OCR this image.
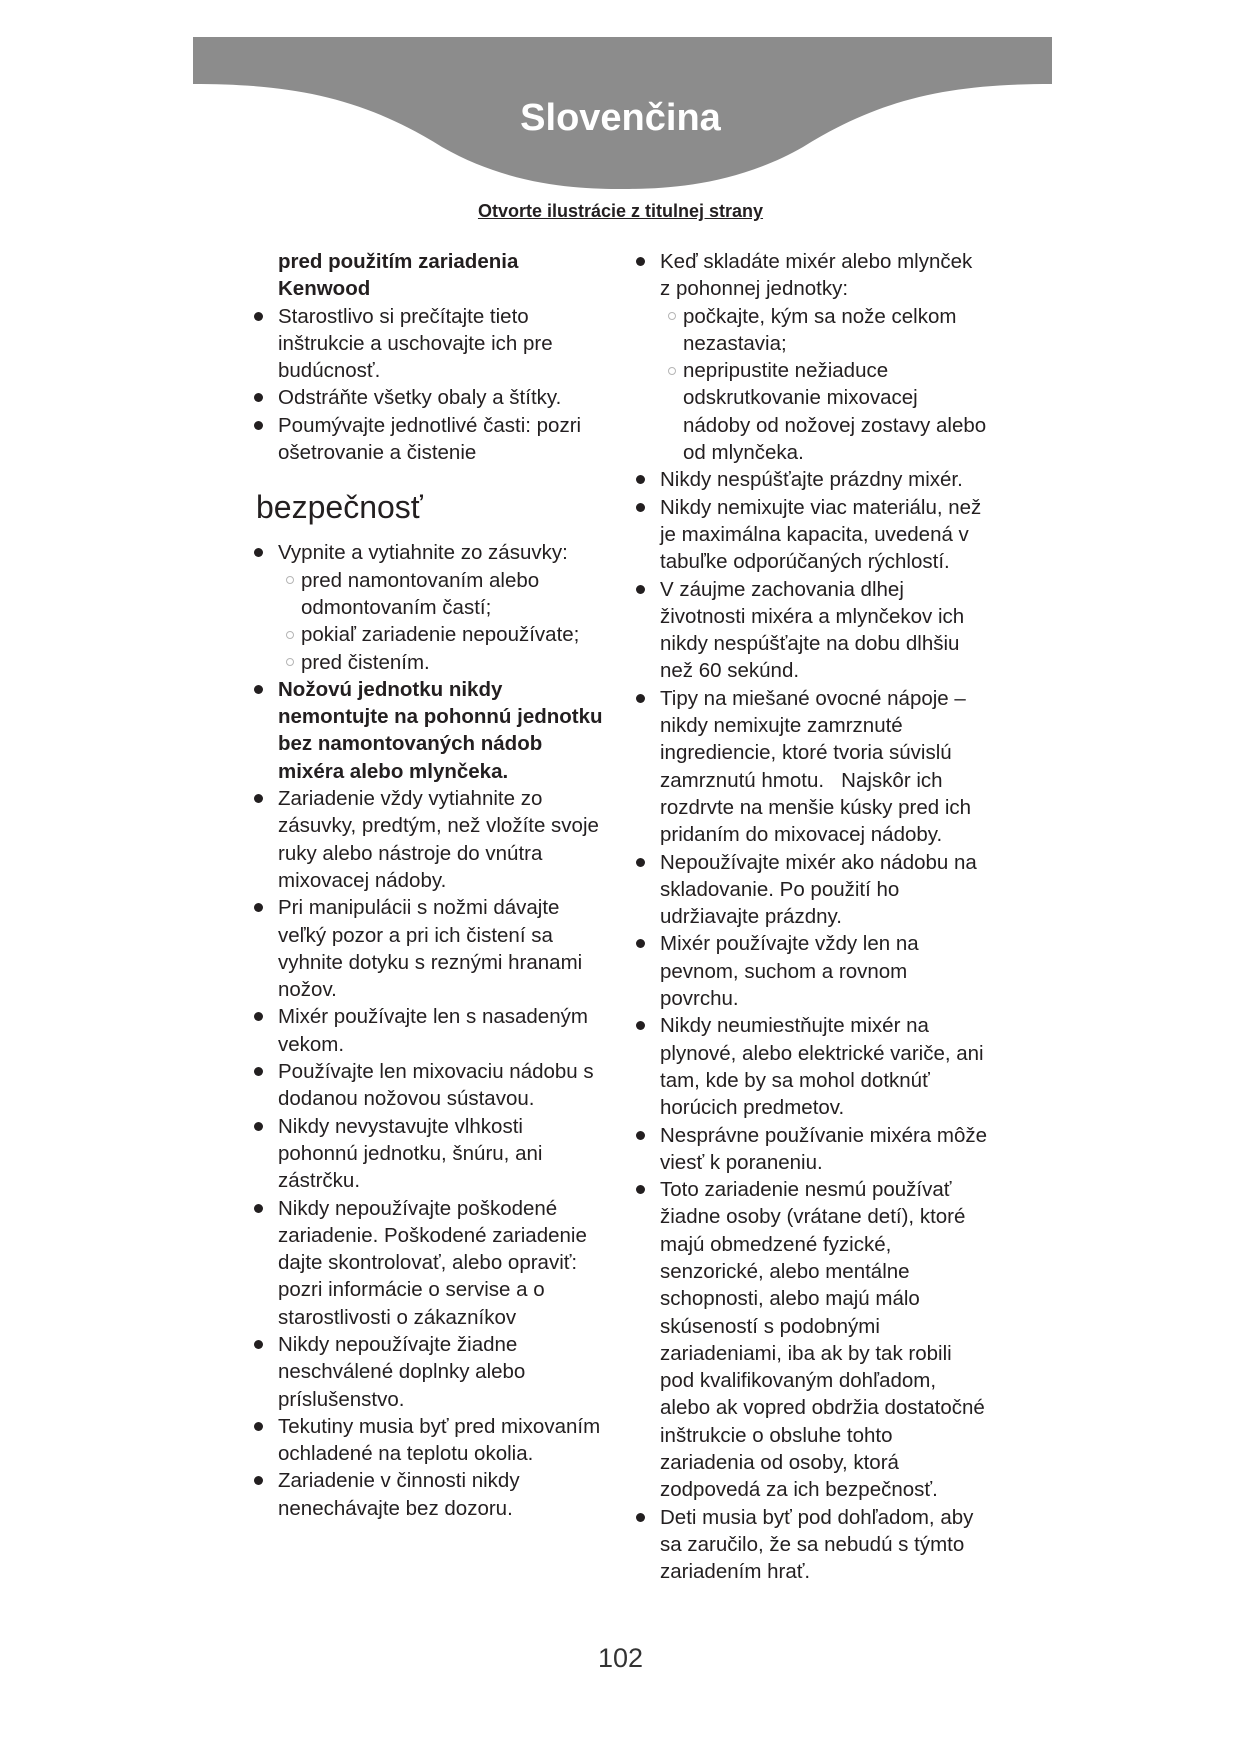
Slovenčina
Otvorte ilustrácie z titulnej strany
pred použitím zariadenia
Kenwood
Starostlivo si prečítajte tieto
inštrukcie a uschovajte ich pre
budúcnosť.
Odstráňte všetky obaly a štítky.
Poumývajte jednotlivé časti: pozri
ošetrovanie a čistenie
bezpečnosť
Vypnite a vytiahnite zo zásuvky:
pred namontovaním alebo
odmontovaním častí;
pokiaľ zariadenie nepoužívate;
pred čistením.
Nožovú jednotku nikdy
nemontujte na pohonnú jednotku
bez namontovaných nádob
mixéra alebo mlynčeka.
Zariadenie vždy vytiahnite zo
zásuvky, predtým, než vložíte svoje
ruky alebo nástroje do vnútra
mixovacej nádoby.
Pri manipulácii s nožmi dávajte
veľký pozor a pri ich čistení sa
vyhnite dotyku s reznými hranami
nožov.
Mixér používajte len s nasadeným
vekom.
Používajte len mixovaciu nádobu s
dodanou nožovou sústavou.
Nikdy nevystavujte vlhkosti
pohonnú jednotku, šnúru, ani
zástrčku.
Nikdy nepoužívajte poškodené
zariadenie. Poškodené zariadenie
dajte skontrolovať, alebo opraviť:
pozri informácie o servise a o
starostlivosti o zákazníkov
Nikdy nepoužívajte žiadne
neschválené doplnky alebo
príslušenstvo.
Tekutiny musia byť pred mixovaním
ochladené na teplotu okolia.
Zariadenie v činnosti nikdy
nenechávajte bez dozoru.
Keď skladáte mixér alebo mlynček
z pohonnej jednotky:
počkajte, kým sa nože celkom
nezastavia;
nepripustite nežiaduce
odskrutkovanie mixovacej
nádoby od nožovej zostavy alebo
od mlynčeka.
Nikdy nespúšťajte prázdny mixér.
Nikdy nemixujte viac materiálu, než
je maximálna kapacita, uvedená v
tabuľke odporúčaných rýchlostí.
V záujme zachovania dlhej
životnosti mixéra a mlynčekov ich
nikdy nespúšťajte na dobu dlhšiu
než 60 sekúnd.
Tipy na miešané ovocné nápoje –
nikdy nemixujte zamrznuté
ingrediencie, ktoré tvoria súvislú
zamrznutú hmotu.   Najskôr ich
rozdrvte na menšie kúsky pred ich
pridaním do mixovacej nádoby.
Nepoužívajte mixér ako nádobu na
skladovanie. Po použití ho
udržiavajte prázdny.
Mixér používajte vždy len na
pevnom, suchom a rovnom
povrchu.
Nikdy neumiestňujte mixér na
plynové, alebo elektrické variče, ani
tam, kde by sa mohol dotknúť
horúcich predmetov.
Nesprávne používanie mixéra môže
viesť k poraneniu.
Toto zariadenie nesmú používať
žiadne osoby (vrátane detí), ktoré
majú obmedzené fyzické,
senzorické, alebo mentálne
schopnosti, alebo majú málo
skúseností s podobnými
zariadeniami, iba ak by tak robili
pod kvalifikovaným dohľadom,
alebo ak vopred obdržia dostatočné
inštrukcie o obsluhe tohto
zariadenia od osoby, ktorá
zodpovedá za ich bezpečnosť.
Deti musia byť pod dohľadom, aby
sa zaručilo, že sa nebudú s týmto
zariadením hrať.
102
